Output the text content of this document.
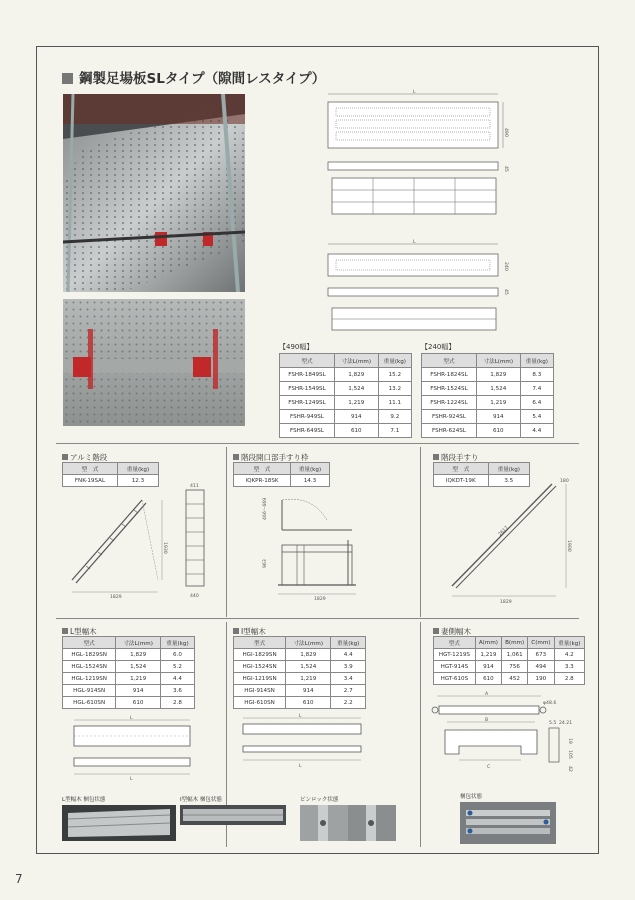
鋼製足場板SLタイプ（隙間レスタイプ）
L
490
45
L
240
45
【490幅】
型式	寸法L(mm)	重量(kg)
FSHR-1849SL	1,829	15.2
FSHR-1549SL	1,524	13.2
FSHR-1249SL	1,219	11.1
FSHR-949SL	914	9.2
FSHR-649SL	610	7.1
【240幅】
型式	寸法L(mm)	重量(kg)
FSHR-1824SL	1,829	8.3
FSHR-1524SL	1,524	7.4
FSHR-1224SL	1,219	6.4
FSHR-924SL	914	5.4
FSHR-624SL	610	4.4
アルミ階段
型　式	重量(kg)
FNK-19SAL	12.3
1829
1930
411
440
階段開口部手すり枠
型　式	重量(kg)
IQKPR-18SK	14.3
466～669
963
1829
階段手すり
型　式	重量(kg)
IQKDT-19K	3.5
2617
1900
1829
180
L型幅木
型式	寸法L(mm)	重量(kg)
HGL-1829SN	1,829	6.0
HGL-1524SN	1,524	5.2
HGL-1219SN	1,219	4.4
HGL-914SN	914	3.6
HGL-610SN	610	2.8
L
L
L型幅木 梱包状態
I型幅木
型式	寸法L(mm)	重量(kg)
HGI-1829SN	1,829	4.4
HGI-1524SN	1,524	3.9
HGI-1219SN	1,219	3.4
HGI-914SN	914	2.7
HGI-610SN	610	2.2
L
L
I型幅木 梱包状態	ピンロック状態
妻側幅木
型式	A(mm)	B(mm)	C(mm)	重量(kg)
HGT-1219S	1,219	1,061	673	4.2
HGT-914S	914	756	494	3.3
HGT-610S	610	452	190	2.8
A
φ48.6
B
C
5.5 24.21
19
105
42
梱包状態
7
